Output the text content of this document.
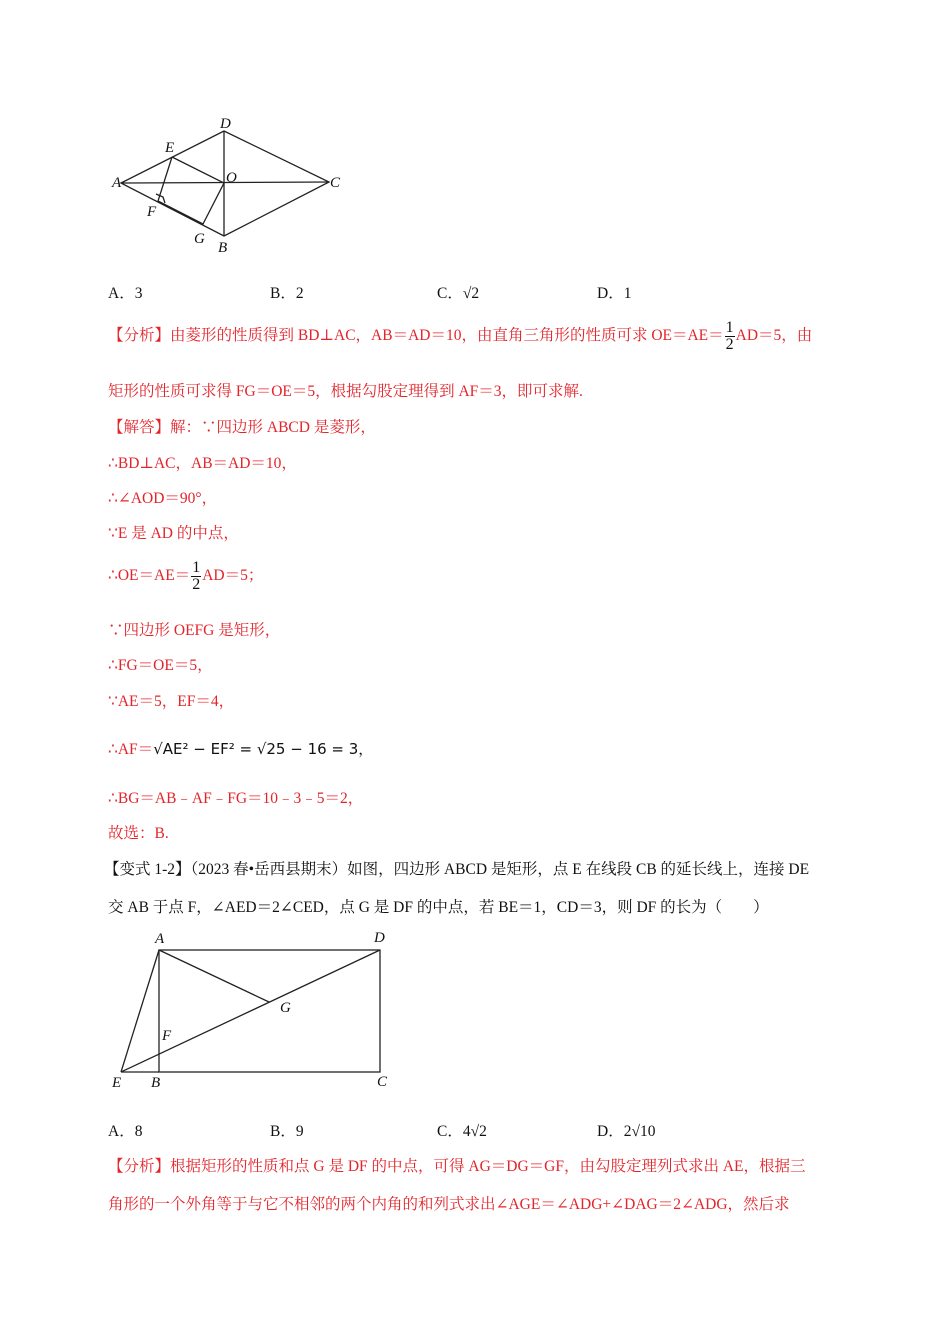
A
B
C
D
E
F
G
O
A．3	B．2	C．√2	D．1
【分析】由菱形的性质得到 BD⊥AC，AB＝AD＝10，由直角三角形的性质可求 $OE=AE= \frac{1}{2} AD=5$，由
矩形的性质可求得 FG＝OE＝5，根据勾股定理得到 AF＝3，即可求解.
【解答】解：∵四边形 ABCD 是菱形，
∴BD⊥AC，AB＝AD＝10，
∴∠AOD＝90°，
∵E 是 AD 的中点，
∴OE＝AE＝ $\frac{1}{2} AD=5$；
∵四边形 OEFG 是矩形，
∴FG＝OE＝5，
∵AE＝5，EF＝4，
∴AF＝√AE² − EF² = √25 − 16 = 3，
∴BG＝AB﹣AF﹣FG＝10﹣3﹣5＝2，
故选：B.
【变式 1-2】（2023 春•岳西县期末）如图，四边形 ABCD 是矩形，点 E 在线段 CB 的延长线上，连接 DE
交 AB 于点 F，∠AED＝2∠CED，点 G 是 DF 的中点，若 BE＝1，CD＝3，则 DF 的长为（　　）
A
B	C
D
E
F
G
A．8	B．9	C．4√2	D．2√10
【分析】根据矩形的性质和点 G 是 DF 的中点，可得 AG＝DG＝GF，由勾股定理列式求出 AE，根据三
角形的一个外角等于与它不相邻的两个内角的和列式求出∠AGE＝∠ADG+∠DAG＝2∠ADG，然后求
